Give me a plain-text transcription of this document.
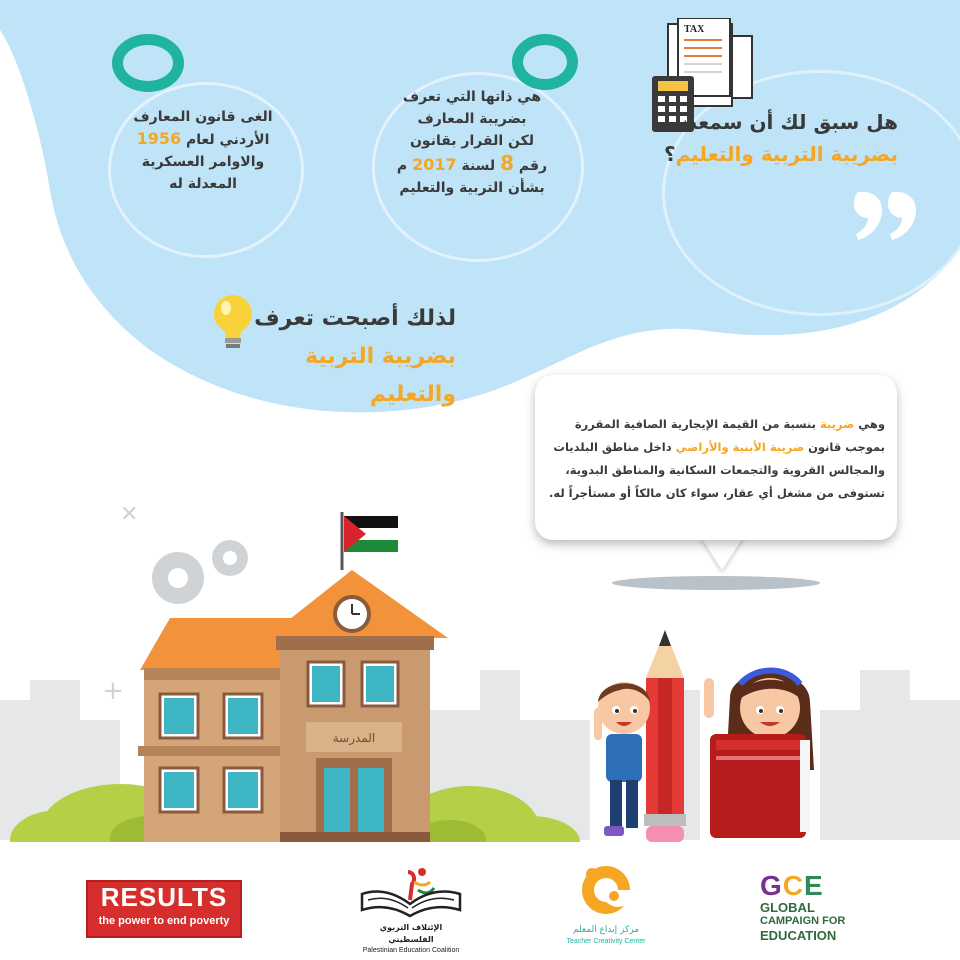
TAX
هل سبق لك أن سمعت
بضريبة التربية والتعليم؟
هي ذاتها التي تعرف
بضريبة المعارف
لكن القرار بقانون
رقم 8 لسنة 2017 م
بشأن التربية والتعليم
الغى قانون المعارف
الأردني لعام 1956
والاوامر العسكرية
المعدلة له
لذلك أصبحت تعرف
بضريبة التربية والتعليم
وهي ضريبة بنسبة من القيمة الإيجارية الصافية المقررة
بموجب قانون ضريبة الأبنية والأراضي داخل مناطق البلديات
والمجالس القروية والتجمعات السكانية والمناطق البدوية،
تستوفى من مشغل أي عقار، سواء كان مالكاً أو مستأجراً له.
✕
+
المدرسة
RESULTS
the power to end poverty
الإئتلاف التربوي الفلسطيني
Palestinian Education Coalition
مركز إبداع المعلم
Teacher Creativity Center
GCE
GLOBAL
CAMPAIGN FOR
EDUCATION
